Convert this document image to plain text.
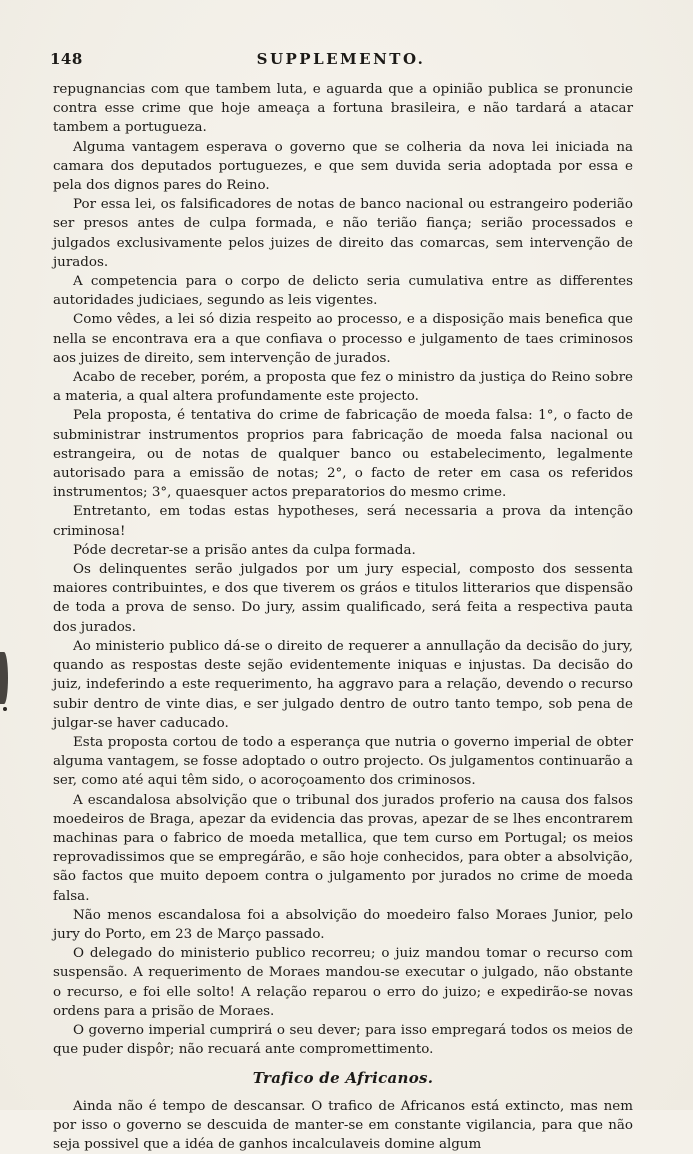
148	SUPPLEMENTO.

repugnancias com que tambem luta, e aguarda que a opinião publica se pronuncie contra esse crime que hoje ameaça a fortuna brasileira, e não tardará a atacar tambem a portugueza.

Alguma vantagem esperava o governo que se colheria da nova lei iniciada na camara dos deputados portuguezes, e que sem duvida seria adoptada por essa e pela dos dignos pares do Reino.

Por essa lei, os falsificadores de notas de banco nacional ou estrangeiro poderião ser presos antes de culpa formada, e não terião fiança; serião processados e julgados exclusivamente pelos juizes de direito das comarcas, sem intervenção de jurados.

A competencia para o corpo de delicto seria cumulativa entre as differentes autoridades judiciaes, segundo as leis vigentes.

Como vêdes, a lei só dizia respeito ao processo, e a disposição mais benefica que nella se encontrava era a que confiava o processo e julgamento de taes criminosos aos juizes de direito, sem intervenção de jurados.

Acabo de receber, porém, a proposta que fez o ministro da justiça do Reino sobre a materia, a qual altera profundamente este projecto.

Pela proposta, é tentativa do crime de fabricação de moeda falsa: 1°, o facto de subministrar instrumentos proprios para fabricação de moeda falsa nacional ou estrangeira, ou de notas de qualquer banco ou estabelecimento, legalmente autorisado para a emissão de notas; 2°, o facto de reter em casa os referidos instrumentos; 3°, quaesquer actos preparatorios do mesmo crime.

Entretanto, em todas estas hypotheses, será necessaria a prova da intenção criminosa!

Póde decretar-se a prisão antes da culpa formada.

Os delinquentes serão julgados por um jury especial, composto dos sessenta maiores contribuintes, e dos que tiverem os gráos e titulos litterarios que dispensão de toda a prova de senso. Do jury, assim qualificado, será feita a respectiva pauta dos jurados.

Ao ministerio publico dá-se o direito de requerer a annullação da decisão do jury, quando as respostas deste sejão evidentemente iniquas e injustas. Da decisão do juiz, indeferindo a este requerimento, ha aggravo para a relação, devendo o recurso subir dentro de vinte dias, e ser julgado dentro de outro tanto tempo, sob pena de julgar-se haver caducado.

Esta proposta cortou de todo a esperança que nutria o governo imperial de obter alguma vantagem, se fosse adoptado o outro projecto. Os julgamentos continuarão a ser, como até aqui têm sido, o acoroçoamento dos criminosos.

A escandalosa absolvição que o tribunal dos jurados proferio na causa dos falsos moedeiros de Braga, apezar da evidencia das provas, apezar de se lhes encontrarem machinas para o fabrico de moeda metallica, que tem curso em Portugal; os meios reprovadissimos que se empregárão, e são hoje conhecidos, para obter a absolvição, são factos que muito depoem contra o julgamento por jurados no crime de moeda falsa.

Não menos escandalosa foi a absolvição do moedeiro falso Moraes Junior, pelo jury do Porto, em 23 de Março passado.

O delegado do ministerio publico recorreu; o juiz mandou tomar o recurso com suspensão. A requerimento de Moraes mandou-se executar o julgado, não obstante o recurso, e foi elle solto! A relação reparou o erro do juizo; e expedirão-se novas ordens para a prisão de Moraes.

O governo imperial cumprirá o seu dever; para isso empregará todos os meios de que puder dispôr; não recuará ante compromettimento.

Trafico de Africanos.

Ainda não é tempo de descansar. O trafico de Africanos está extincto, mas nem por isso o governo se descuida de manter-se em constante vigilancia, para que não seja possivel que a idéa de ganhos incalculaveis domine algum
